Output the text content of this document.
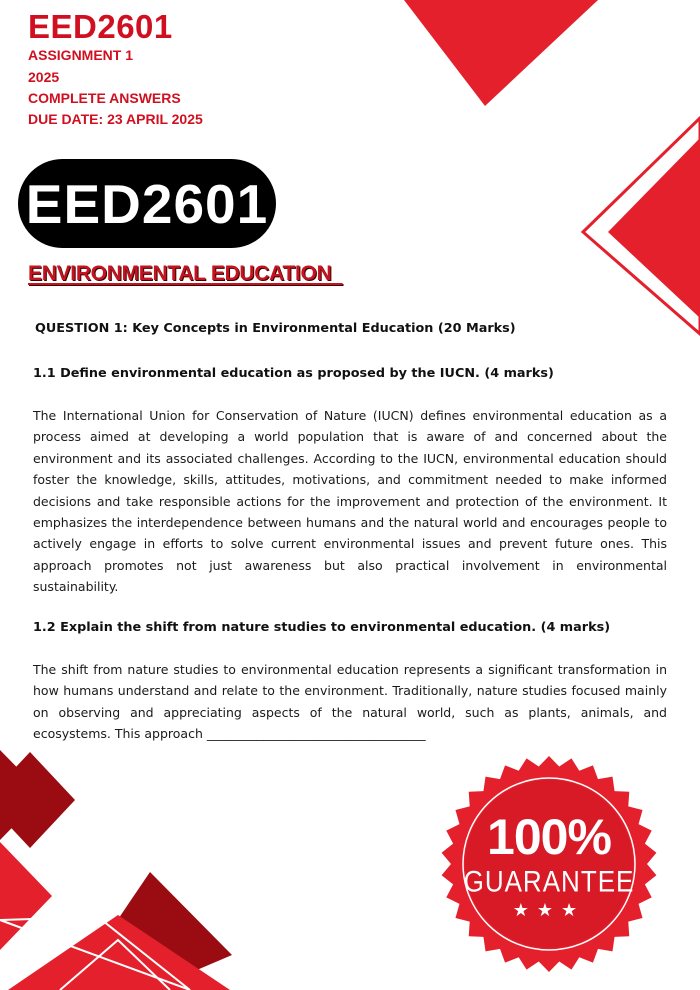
EED2601
ASSIGNMENT 1
2025
COMPLETE ANSWERS
DUE DATE: 23 APRIL 2025
EED2601
ENVIRONMENTAL EDUCATION
QUESTION 1: Key Concepts in Environmental Education (20 Marks)
1.1 Define environmental education as proposed by the IUCN. (4 marks)

The International Union for Conservation of Nature (IUCN) defines environmental education as a process aimed at developing a world population that is aware of and concerned about the environment and its associated challenges. According to the IUCN, environmental education should foster the knowledge, skills, attitudes, motivations, and commitment needed to make informed decisions and take responsible actions for the improvement and protection of the environment. It emphasizes the interdependence between humans and the natural world and encourages people to actively engage in efforts to solve current environmental issues and prevent future ones. This approach promotes not just awareness but also practical involvement in environmental sustainability.

1.2 Explain the shift from nature studies to environmental education. (4 marks)

The shift from nature studies to environmental education represents a significant transformation in how humans understand and relate to the environment. Traditionally, nature studies focused mainly on observing and appreciating aspects of the natural world, such as plants, animals, and ecosystems. This approach ___________________________________

100%
GUARANTEE
★★★
